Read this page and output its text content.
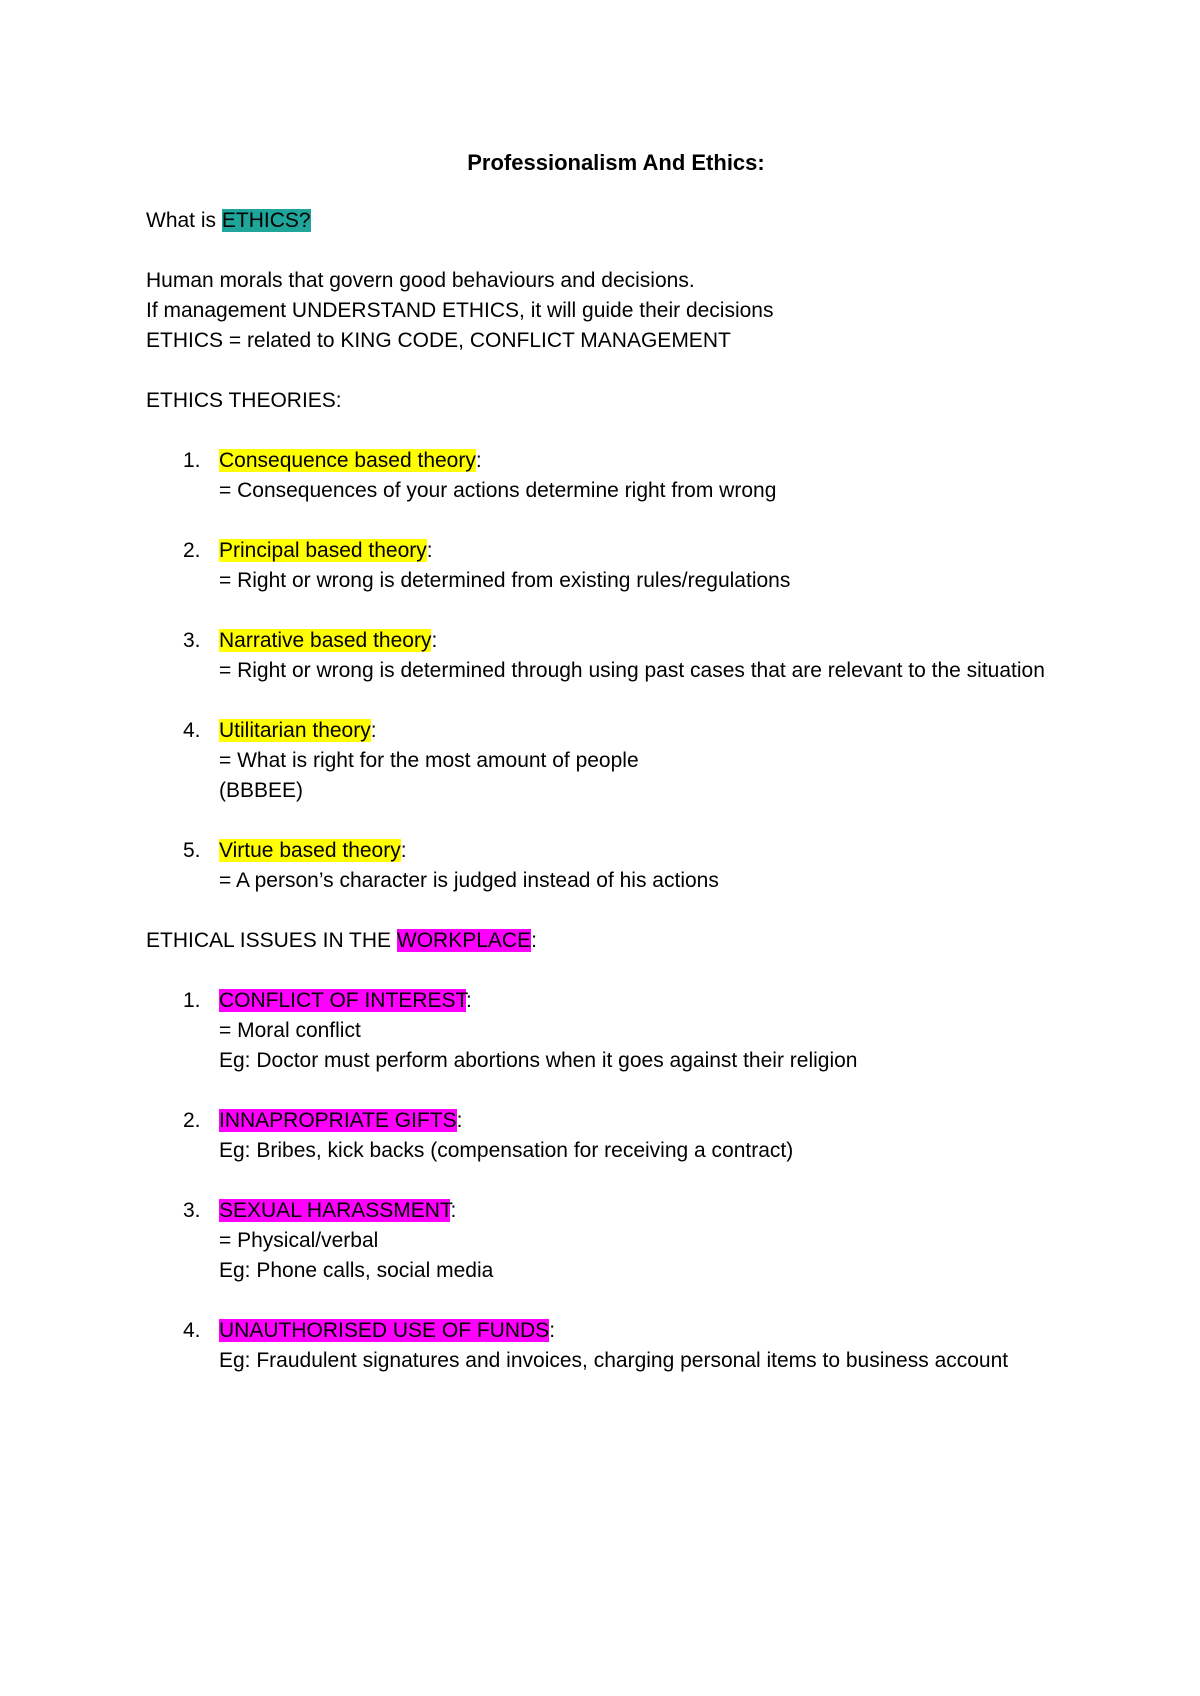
Professionalism And Ethics:

What is ETHICS?

Human morals that govern good behaviours and decisions.

If management UNDERSTAND ETHICS, it will guide their decisions

ETHICS = related to KING CODE, CONFLICT MANAGEMENT

ETHICS THEORIES:

1. Consequence based theory:
= Consequences of your actions determine right from wrong
2. Principal based theory:
= Right or wrong is determined from existing rules/regulations
3. Narrative based theory:
= Right or wrong is determined through using past cases that are relevant to the situation
4. Utilitarian theory:
= What is right for the most amount of people
(BBBEE)
5. Virtue based theory:
= A person’s character is judged instead of his actions

ETHICAL ISSUES IN THE WORKPLACE:

1. CONFLICT OF INTEREST:
= Moral conflict
Eg: Doctor must perform abortions when it goes against their religion
2. INNAPROPRIATE GIFTS:
Eg: Bribes, kick backs (compensation for receiving a contract)
3. SEXUAL HARASSMENT:
= Physical/verbal
Eg: Phone calls, social media
4. UNAUTHORISED USE OF FUNDS:
Eg: Fraudulent signatures and invoices, charging personal items to business account
